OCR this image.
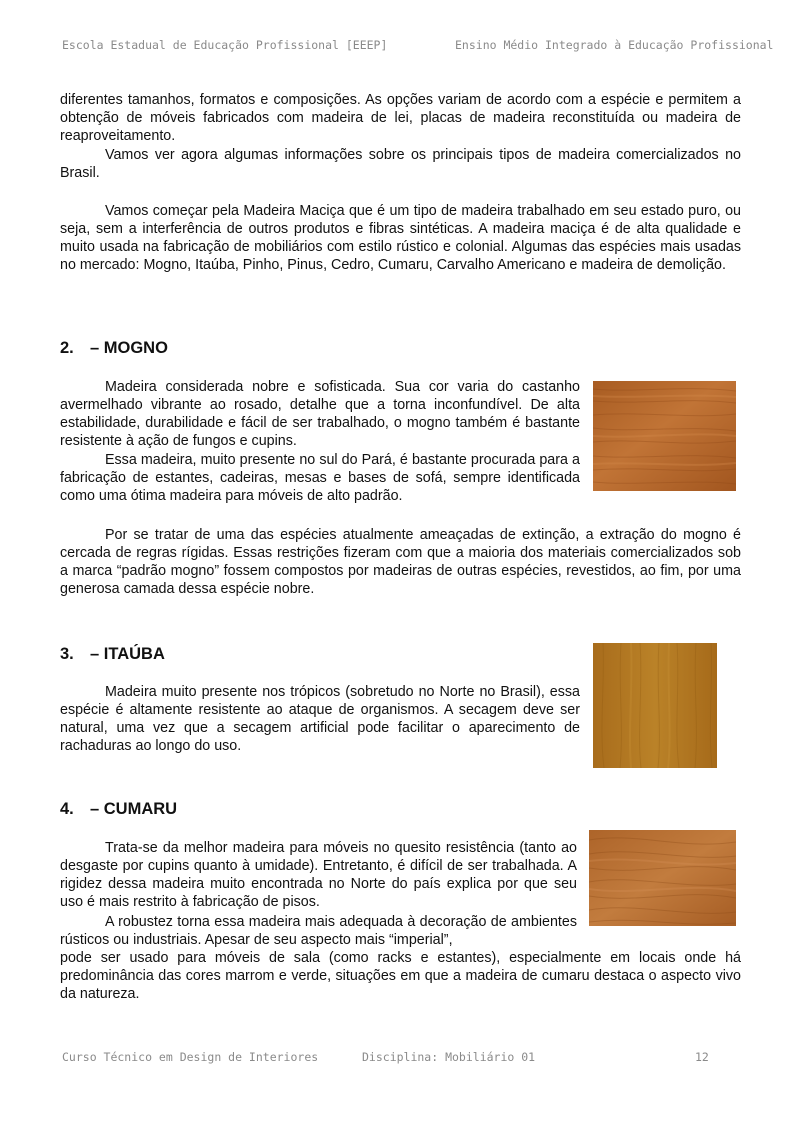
Escola Estadual de Educação Profissional [EEEP]	Ensino Médio Integrado à Educação Profissional

diferentes tamanhos, formatos e composições. As opções variam de acordo com a espécie e permitem a obtenção de móveis fabricados com madeira de lei, placas de madeira reconstituída ou madeira de reaproveitamento.

Vamos ver agora algumas informações sobre os principais tipos de madeira comercializados no Brasil.

Vamos começar pela Madeira Maciça que é um tipo de madeira trabalhado em seu estado puro, ou seja, sem a interferência de outros produtos e fibras sintéticas. A madeira maciça é de alta qualidade e muito usada na fabricação de mobiliários com estilo rústico e colonial. Algumas das espécies mais usadas no mercado: Mogno, Itaúba, Pinho, Pinus, Cedro, Cumaru, Carvalho Americano e madeira de demolição.

2. – MOGNO

Madeira considerada nobre e sofisticada. Sua cor varia do castanho avermelhado vibrante ao rosado, detalhe que a torna inconfundível. De alta estabilidade, durabilidade e fácil de ser trabalhado, o mogno também é bastante resistente à ação de fungos e cupins.

Essa madeira, muito presente no sul do Pará, é bastante procurada para a fabricação de estantes, cadeiras, mesas e bases de sofá, sempre identificada como uma ótima madeira para móveis de alto padrão.

Por se tratar de uma das espécies atualmente ameaçadas de extinção, a extração do mogno é cercada de regras rígidas. Essas restrições fizeram com que a maioria dos materiais comercializados sob a marca “padrão mogno” fossem compostos por madeiras de outras espécies, revestidos, ao fim, por uma generosa camada dessa espécie nobre.

3. – ITAÚBA

Madeira muito presente nos trópicos (sobretudo no Norte no Brasil), essa espécie é altamente resistente ao ataque de organismos. A secagem deve ser natural, uma vez que a secagem artificial pode facilitar o aparecimento de rachaduras ao longo do uso.

4. – CUMARU

Trata-se da melhor madeira para móveis no quesito resistência (tanto ao desgaste por cupins quanto à umidade). Entretanto, é difícil de ser trabalhada. A rigidez dessa madeira muito encontrada no Norte do país explica por que seu uso é mais restrito à fabricação de pisos.

A robustez torna essa madeira mais adequada à decoração de ambientes rústicos ou industriais. Apesar de seu aspecto mais “imperial”,

pode ser usado para móveis de sala (como racks e estantes), especialmente em locais onde há predominância das cores marrom e verde, situações em que a madeira de cumaru destaca o aspecto vivo da natureza.

Curso Técnico em Design de Interiores	Disciplina: Mobiliário 01	12
